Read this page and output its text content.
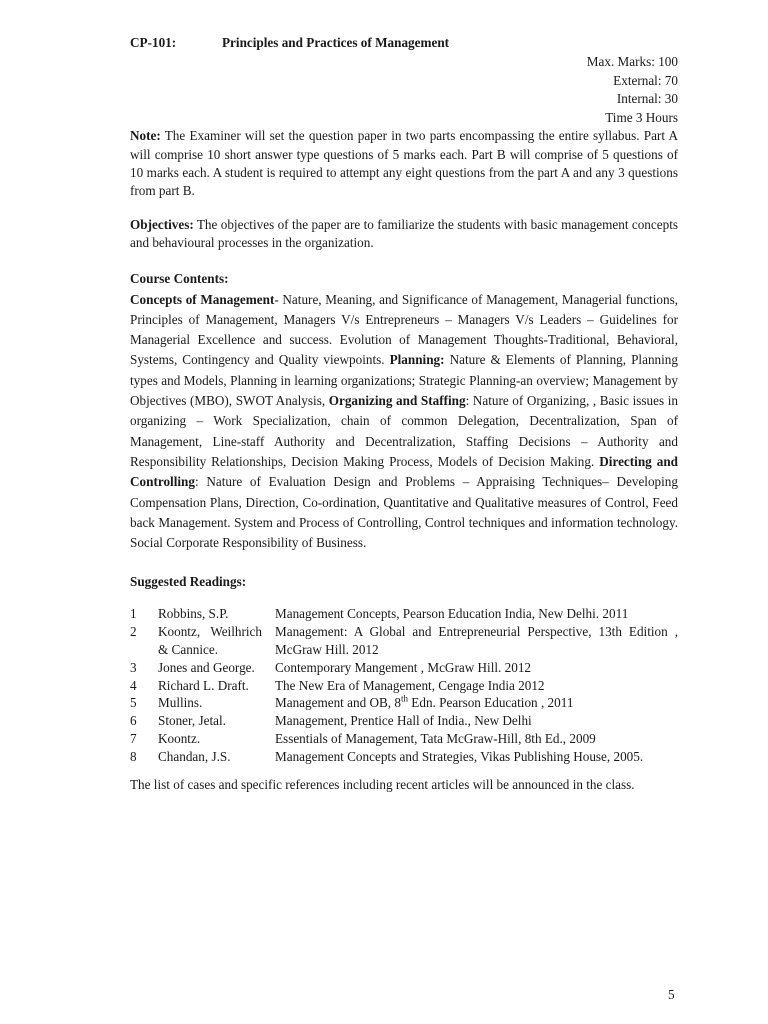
CP-101:	Principles and Practices of Management
Max. Marks: 100
External: 70
Internal: 30
Time 3 Hours

Note: The Examiner will set the question paper in two parts encompassing the entire syllabus. Part A will comprise 10 short answer type questions of 5 marks each. Part B will comprise of 5 questions of 10 marks each. A student is required to attempt any eight questions from the part A and any 3 questions from part B.

Objectives: The objectives of the paper are to familiarize the students with basic management concepts and behavioural processes in the organization.

Course Contents:

Concepts of Management- Nature, Meaning, and Significance of Management, Managerial functions, Principles of Management, Managers V/s Entrepreneurs – Managers V/s Leaders – Guidelines for Managerial Excellence and success. Evolution of Management Thoughts-Traditional, Behavioral, Systems, Contingency and Quality viewpoints. Planning: Nature & Elements of Planning, Planning types and Models, Planning in learning organizations; Strategic Planning-an overview; Management by Objectives (MBO), SWOT Analysis, Organizing and Staffing: Nature of Organizing, , Basic issues in organizing – Work Specialization, chain of common Delegation, Decentralization, Span of Management, Line-staff Authority and Decentralization, Staffing Decisions – Authority and Responsibility Relationships, Decision Making Process, Models of Decision Making. Directing and Controlling: Nature of Evaluation Design and Problems – Appraising Techniques– Developing Compensation Plans, Direction, Co-ordination, Quantitative and Qualitative measures of Control, Feed back Management. System and Process of Controlling, Control techniques and information technology. Social Corporate Responsibility of Business.

Suggested Readings:
1	Robbins, S.P.	Management Concepts, Pearson Education India, New Delhi. 2011
2	Koontz, Weilhrich & Cannice.	Management: A Global and Entrepreneurial Perspective, 13th Edition , McGraw Hill. 2012
3	Jones and George.	Contemporary Mangement , McGraw Hill. 2012
4	Richard L. Draft.	The New Era of Management, Cengage India 2012
5	Mullins.	Management and OB, 8th Edn. Pearson Education , 2011
6	Stoner, Jetal.	Management, Prentice Hall of India., New Delhi
7	Koontz.	Essentials of Management, Tata McGraw-Hill, 8th Ed., 2009
8	Chandan, J.S.	Management Concepts and Strategies, Vikas Publishing House, 2005.
The list of cases and specific references including recent articles will be announced in the class.
5
